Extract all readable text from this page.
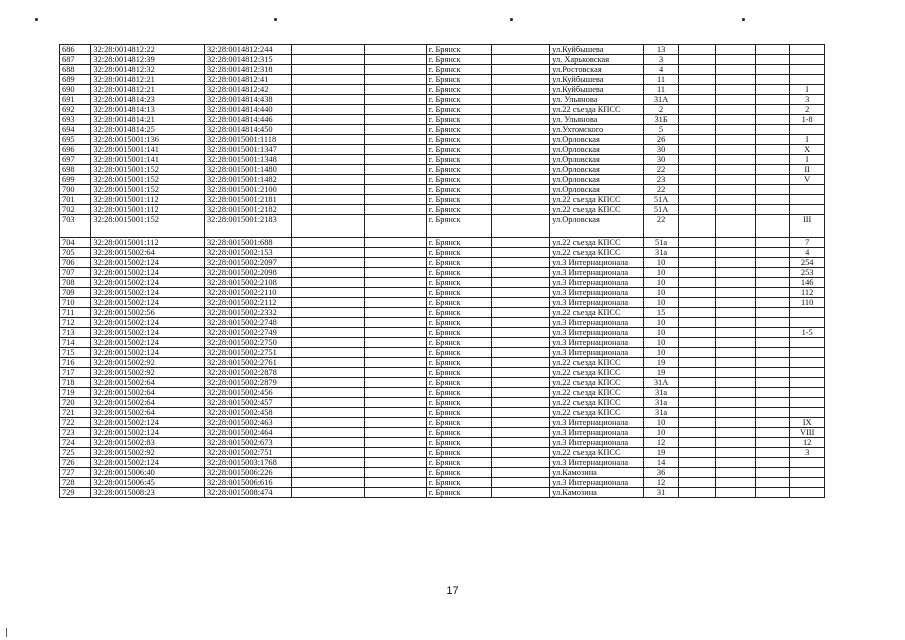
686	32:28:0014812:22	32:28:0014812:244			г. Брянск		ул.Куйбышева	13				
687	32:28:0014812:39	32:28:0014812:315			г. Брянск		ул. Харьковская	3				
688	32:28:0014812:32	32:28:0014812:318			г. Брянск		ул.Ростовская	4				
689	32:28:0014812:21	32:28:0014812:41			г. Брянск		ул.Куйбышева	11				
690	32:28:0014812:21	32:28:0014812:42			г. Брянск		ул.Куйбышева	11				I
691	32:28:0014814:23	32:28:0014814:438			г. Брянск		ул. Ульянова	31А				3
692	32:28:0014814:13	32:28:0014814:440			г. Брянск		ул.22 съезда КПСС	2				2
693	32:28:0014814:21	32:28:0014814:446			г. Брянск		ул. Ульянова	31Б				1-8
694	32:28:0014814:25	32:28:0014814:450			г. Брянск		ул.Ухтомского	5				
695	32:28:0015001:136	32:28:0015001:1118			г. Брянск		ул.Орловская	26				I
696	32:28:0015001:141	32:28:0015001:1347			г. Брянск		ул.Орловская	30				X
697	32:28:0015001:141	32:28:0015001:1348			г. Брянск		ул.Орловская	30				I
698	32:28:0015001:152	32:28:0015001:1480			г. Брянск		ул.Орловская	22				II
699	32:28:0015001:152	32:28:0015001:1482			г. Брянск		ул.Орловская	23				V
700	32:28:0015001:152	32:28:0015001:2100			г. Брянск		ул.Орловская	22				
701	32:28:0015001:112	32:28:0015001:2181			г. Брянск		ул.22 съезда КПСС	51А				
702	32:28:0015001:112	32:28:0015001:2182			г. Брянск		ул.22 съезда КПСС	51А				
703	32:28:0015001:152	32:28:0015001:2183			г. Брянск		ул.Орловская	22				III
704	32:28:0015001:112	32:28:0015001:688			г. Брянск		ул.22 съезда КПСС	51а				7
705	32:28:0015002:64	32:28:0015002:153			г. Брянск		ул.22 съезда КПСС	31а				4
706	32:28:0015002:124	32:28:0015002:2097			г. Брянск		ул.3 Интернационала	10				254
707	32:28:0015002:124	32:28:0015002:2098			г. Брянск		ул.3 Интернационала	10				253
708	32:28:0015002:124	32:28:0015002:2108			г. Брянск		ул.3 Интернационала	10				146
709	32:28:0015002:124	32:28:0015002:2110			г. Брянск		ул.3 Интернационала	10				112
710	32:28:0015002:124	32:28:0015002:2112			г. Брянск		ул.3 Интернационала	10				110
711	32:28:0015002:56	32:28:0015002:2332			г. Брянск		ул.22 съезда КПСС	15				
712	32:28:0015002:124	32:28:0015002:2748			г. Брянск		ул.3 Интернационала	10				
713	32:28:0015002:124	32:28:0015002:2749			г. Брянск		ул.3 Интернационала	10				1-5
714	32:28:0015002:124	32:28:0015002:2750			г. Брянск		ул.3 Интернационала	10				
715	32:28:0015002:124	32:28:0015002:2751			г. Брянск		ул.3 Интернационала	10				
716	32:28:0015002:92	32:28:0015002:2761			г. Брянск		ул.22 съезда КПСС	19				
717	32:28:0015002:92	32:28:0015002:2878			г. Брянск		ул.22 съезда КПСС	19				
718	32:28:0015002:64	32:28:0015002:2879			г. Брянск		ул.22 съезда КПСС	31А				
719	32:28:0015002:64	32:28:0015002:456			г. Брянск		ул.22 съезда КПСС	31а				
720	32:28:0015002:64	32:28:0015002:457			г. Брянск		ул.22 съезда КПСС	31а				
721	32:28:0015002:64	32:28:0015002:458			г. Брянск		ул.22 съезда КПСС	31а				
722	32:28:0015002:124	32:28:0015002:463			г. Брянск		ул.3 Интернационала	10				IX
723	32:28:0015002:124	32:28:0015002:464			г. Брянск		ул.3 Интернационала	10				VIII
724	32:28:0015002:83	32:28:0015002:673			г. Брянск		ул.3 Интернационала	12				12
725	32:28:0015002:92	32:28:0015002:751			г. Брянск		ул.22 съезда КПСС	19				3
726	32:28:0015002:124	32:28:0015003:1768			г. Брянск		ул.3 Интернационала	14				
727	32:28:0015006:40	32:28:0015006:226			г. Брянск		ул.Камозина	36				
728	32:28:0015006:45	32:28:0015006:616			г. Брянск		ул.3 Интернационала	12				
729	32:28:0015008:23	32:28:0015008:474			г. Брянск		ул.Камозина	31				
17
